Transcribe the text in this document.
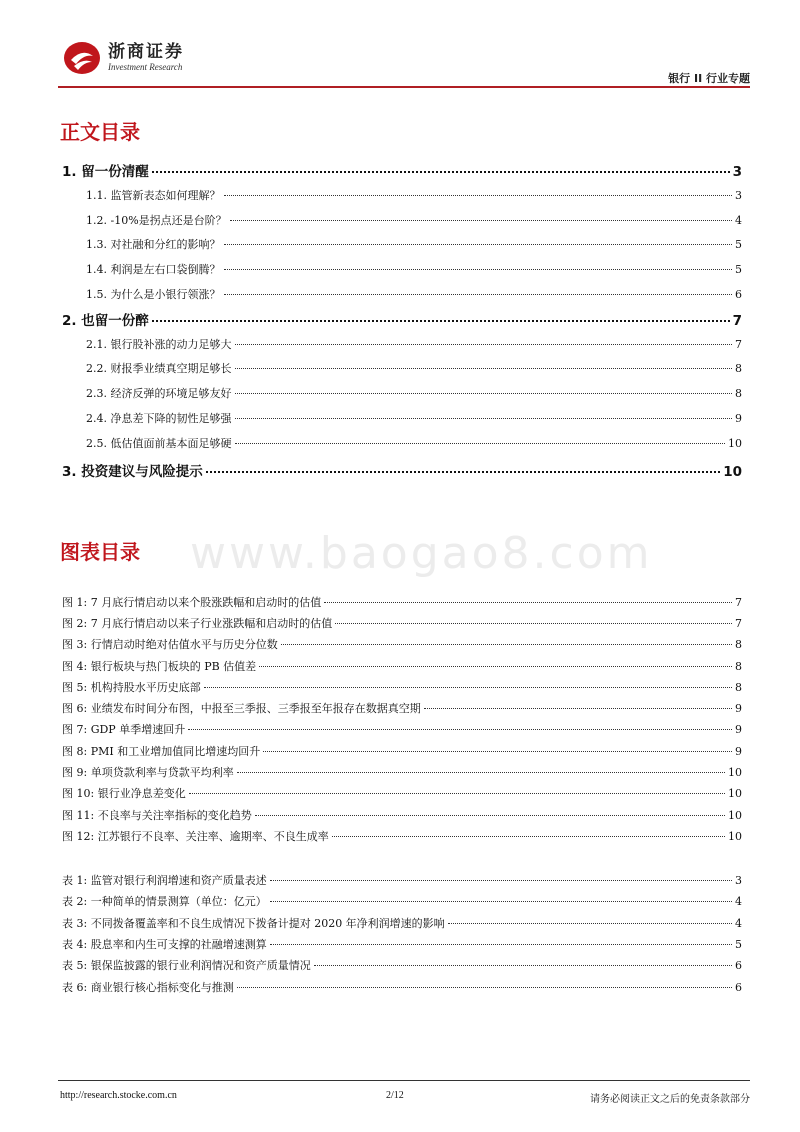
浙商证券
Investment Research
银行 II 行业专题
正文目录
1. 留一份清醒	3
1.1. 监管新表态如何理解？	3
1.2. -10%是拐点还是台阶？	4
1.3. 对社融和分红的影响？	5
1.4. 利润是左右口袋倒腾？	5
1.5. 为什么是小银行领涨？	6
2. 也留一份醉	7
2.1. 银行股补涨的动力足够大	7
2.2. 财报季业绩真空期足够长	8
2.3. 经济反弹的环境足够友好	8
2.4. 净息差下降的韧性足够强	9
2.5. 低估值面前基本面足够硬	10
3. 投资建议与风险提示	10
图表目录 www.baogao8.com
图 1: 7 月底行情启动以来个股涨跌幅和启动时的估值	7
图 2: 7 月底行情启动以来子行业涨跌幅和启动时的估值	7
图 3: 行情启动时绝对估值水平与历史分位数	8
图 4: 银行板块与热门板块的 PB 估值差	8
图 5: 机构持股水平历史底部	8
图 6: 业绩发布时间分布图，中报至三季报、三季报至年报存在数据真空期	9
图 7: GDP 单季增速回升	9
图 8: PMI 和工业增加值同比增速均回升	9
图 9: 单项贷款利率与贷款平均利率	10
图 10: 银行业净息差变化	10
图 11: 不良率与关注率指标的变化趋势	10
图 12: 江苏银行不良率、关注率、逾期率、不良生成率	10
表 1: 监管对银行利润增速和资产质量表述	3
表 2: 一种简单的情景测算（单位：亿元）	4
表 3: 不同拨备覆盖率和不良生成情况下拨备计提对 2020 年净利润增速的影响	4
表 4: 股息率和内生可支撑的社融增速测算	5
表 5: 银保监披露的银行业利润情况和资产质量情况	6
表 6: 商业银行核心指标变化与推测	6
http://research.stocke.com.cn	2/12	请务必阅读正文之后的免责条款部分
